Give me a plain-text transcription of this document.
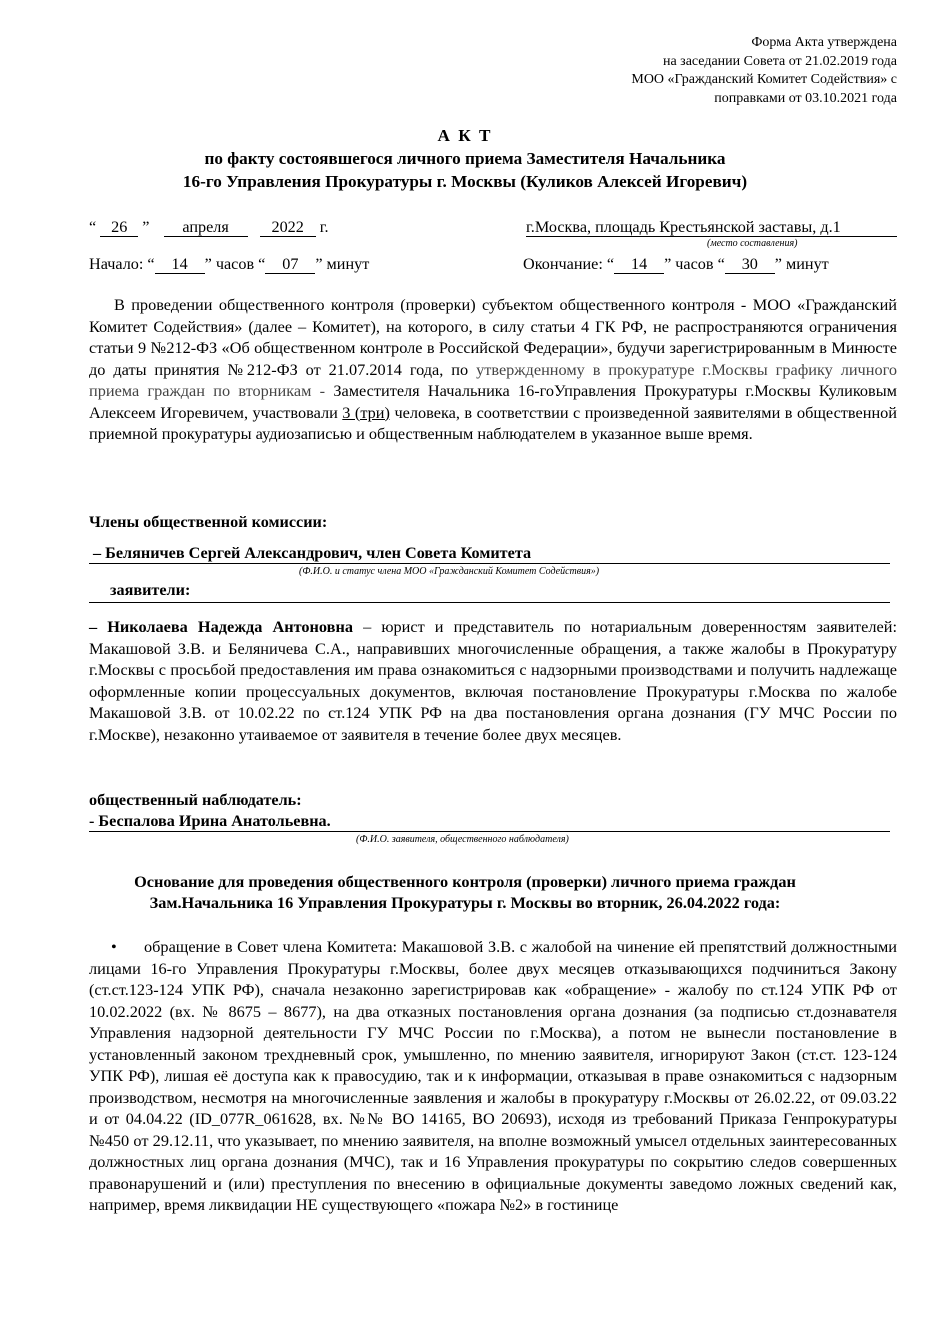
Форма Акта утверждена
на заседании Совета от 21.02.2019 года
МОО «Гражданский Комитет Содействия» с
поправками от 03.10.2021 года
А К Т
по факту состоявшегося личного приема Заместителя Начальника
16-го Управления Прокуратуры г. Москвы (Куликов Алексей Игоревич)
“ 26 ” апреля	2022 г.	г.Москва, площадь Крестьянской заставы, д.1
(место составления)
Начало: “ 14 ” часов “ 07 ” минут	Окончание: “ 14 ” часов “ 30 ” минут

В проведении общественного контроля (проверки) субъектом общественного контроля - МОО «Гражданский Комитет Содействия» (далее – Комитет), на которого, в силу статьи 4 ГК РФ, не распространяются ограничения статьи 9 №212-ФЗ «Об общественном контроле в Российской Федерации», будучи зарегистрированным в Минюсте до даты принятия №212-ФЗ от 21.07.2014 года, по утвержденному в прокуратуре г.Москвы графику личного приема граждан по вторникам - Заместителя Начальника 16-гоУправления Прокуратуры г.Москвы Куликовым Алексеем Игоревичем, участвовали 3 (три) человека, в соответствии с произведенной заявителями в общественной приемной прокуратуры аудиозаписью и общественным наблюдателем в указанное выше время.

Члены общественной комиссии:
– Беляничев Сергей Александрович, член Совета Комитета
(Ф.И.О. и статус члена МОО «Гражданский Комитет Содействия»)
заявители:

– Николаева Надежда Антоновна – юрист и представитель по нотариальным доверенностям заявителей: Макашовой З.В. и Беляничева С.А., направивших многочисленные обращения, а также жалобы в Прокуратуру г.Москвы с просьбой предоставления им права ознакомиться с надзорными производствами и получить надлежаще оформленные копии процессуальных документов, включая постановление Прокуратуры г.Москва по жалобе Макашовой З.В. от 10.02.22 по ст.124 УПК РФ на два постановления органа дознания (ГУ МЧС России по г.Москве), незаконно утаиваемое от заявителя в течение более двух месяцев.

общественный наблюдатель:
- Беспалова Ирина Анатольевна.
(Ф.И.О. заявителя, общественного наблюдателя)
Основание для проведения общественного контроля (проверки) личного приема граждан
Зам.Начальника 16 Управления Прокуратуры г. Москвы во вторник, 26.04.2022 года:
•	обращение в Совет члена Комитета: Макашовой З.В. с жалобой на чинение ей препятствий должностными лицами 16-го Управления Прокуратуры г.Москвы, более двух месяцев отказывающихся подчиниться Закону (ст.ст.123-124 УПК РФ), сначала незаконно зарегистрировав как «обращение» - жалобу по ст.124 УПК РФ от 10.02.2022 (вх. № 8675 – 8677), на два отказных постановления органа дознания (за подписью ст.дознавателя Управления надзорной деятельности ГУ МЧС России по г.Москва), а потом не вынесли постановление в установленный законом трехдневный срок, умышленно, по мнению заявителя, игнорируют Закон (ст.ст. 123-124 УПК РФ), лишая её доступа как к правосудию, так и к информации, отказывая в праве ознакомиться с надзорным производством, несмотря на многочисленные заявления и жалобы в прокуратуру г.Москвы от 26.02.22, от 09.03.22 и от 04.04.22 (ID_077R_061628, вх. №№ ВО 14165, ВО 20693), исходя из требований Приказа Генпрокуратуры №450 от 29.12.11, что указывает, по мнению заявителя, на вполне возможный умысел отдельных заинтересованных должностных лиц органа дознания (МЧС), так и 16 Управления прокуратуры по сокрытию следов совершенных правонарушений и (или) преступления по внесению в официальные документы заведомо ложных сведений как, например, время ликвидации НЕ существующего «пожара №2» в гостинице
